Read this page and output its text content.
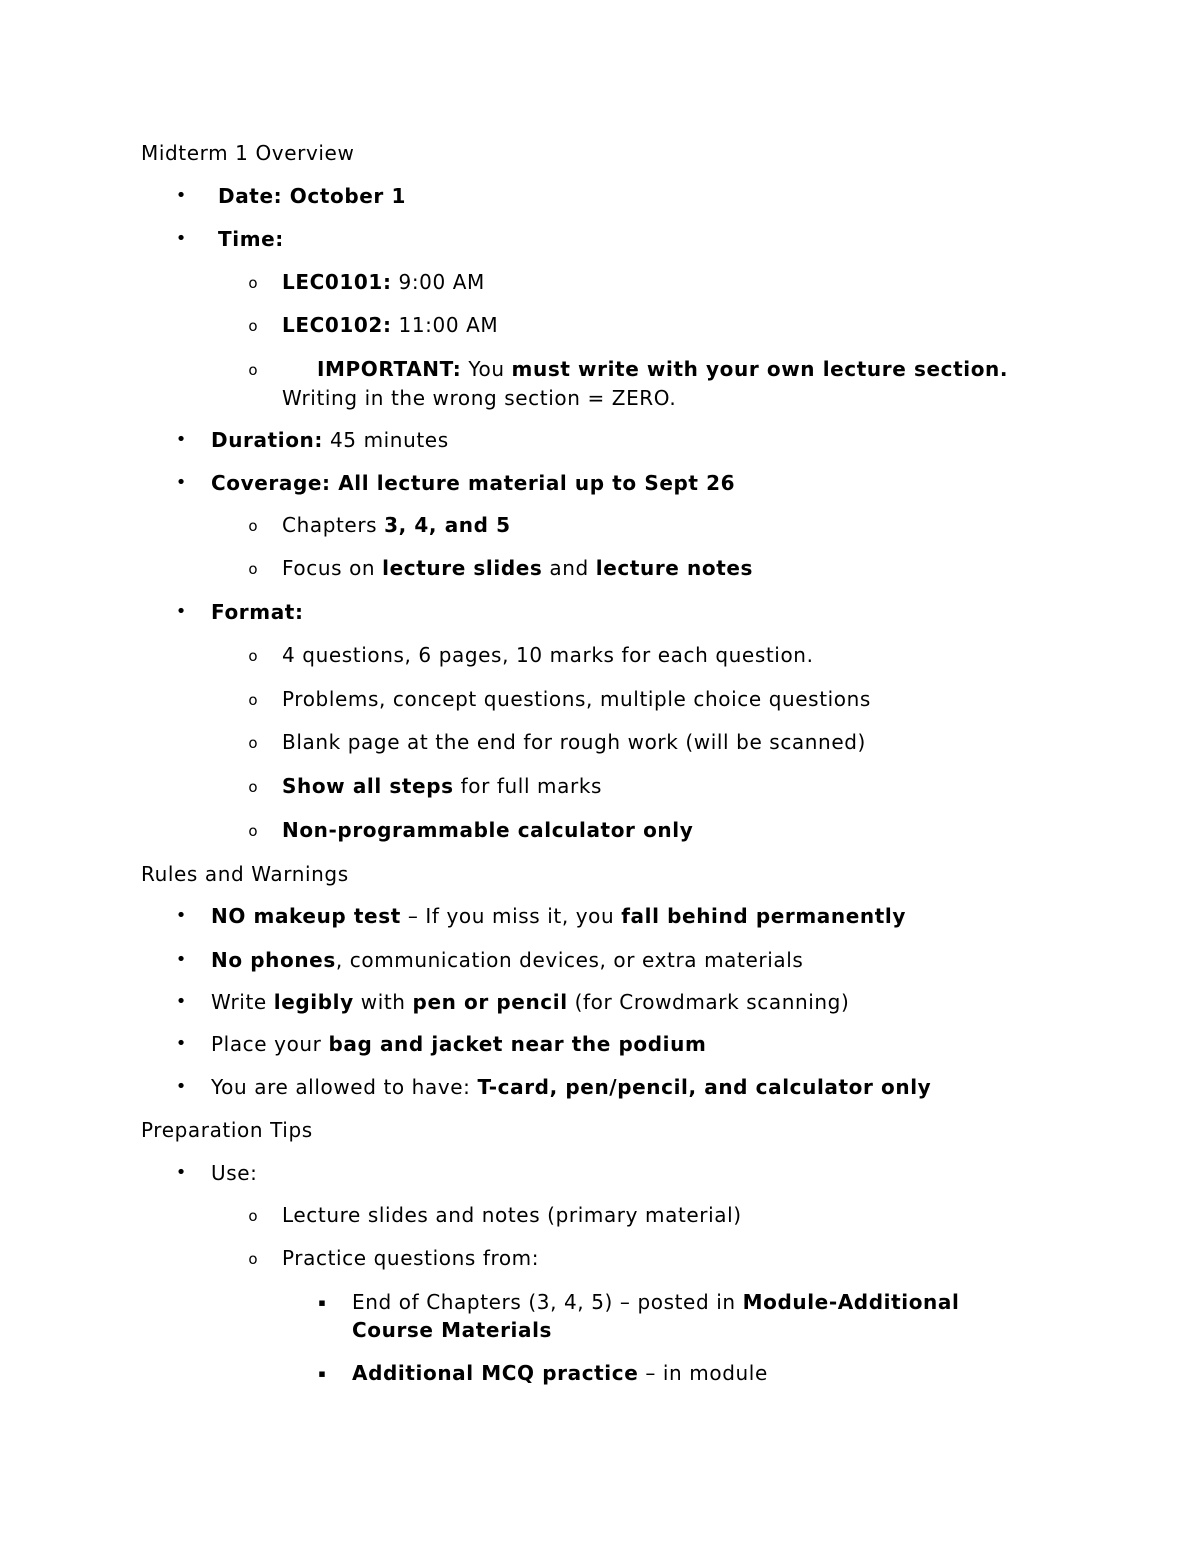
Midterm 1 Overview
• Date: October 1
• Time:
o LEC0101: 9:00 AM
o LEC0102: 11:00 AM
o	IMPORTANT: You must write with your own lecture section.
Writing in the wrong section = ZERO.
• Duration: 45 minutes
• Coverage: All lecture material up to Sept 26
o Chapters 3, 4, and 5
o Focus on lecture slides and lecture notes
• Format:
o 4 questions, 6 pages, 10 marks for each question.
o Problems, concept questions, multiple choice questions
o Blank page at the end for rough work (will be scanned)
o Show all steps for full marks
o Non-programmable calculator only
Rules and Warnings
• NO makeup test – If you miss it, you fall behind permanently
• No phones, communication devices, or extra materials
• Write legibly with pen or pencil (for Crowdmark scanning)
• Place your bag and jacket near the podium
• You are allowed to have: T-card, pen/pencil, and calculator only
Preparation Tips
• Use:
o Lecture slides and notes (primary material)
o Practice questions from:
▪ End of Chapters (3, 4, 5) – posted in Module-Additional
Course Materials
▪ Additional MCQ practice – in module
